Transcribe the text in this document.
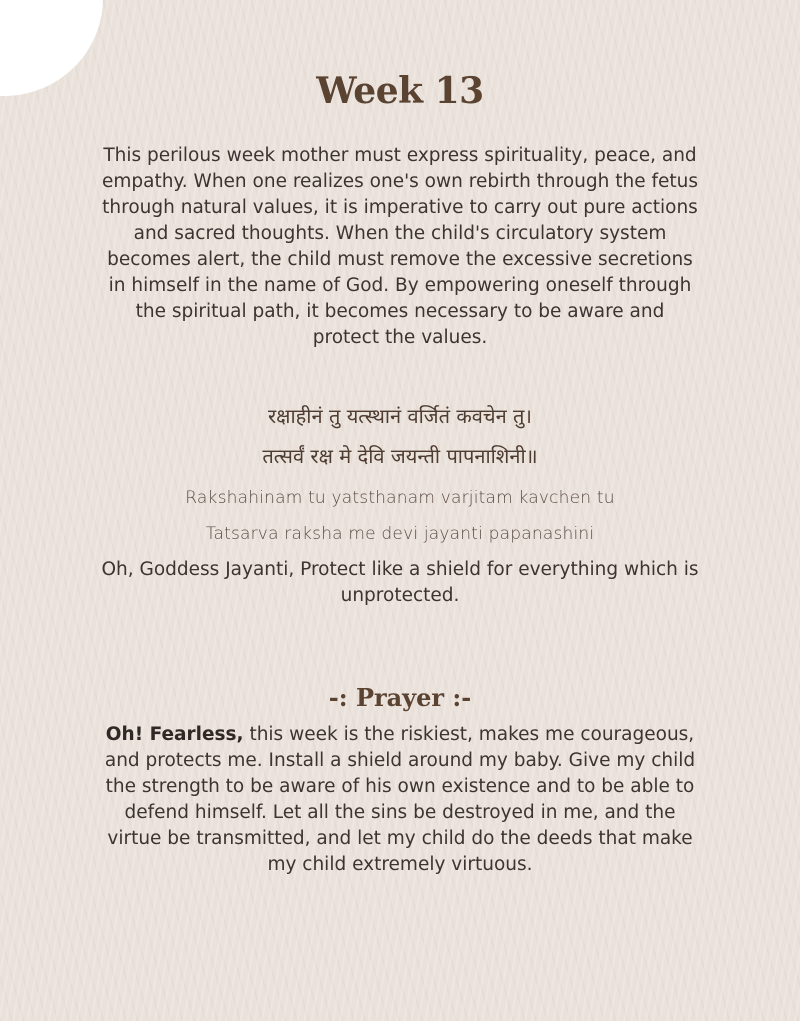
Week 13
This perilous week mother must express spirituality, peace, and empathy. When one realizes one's own rebirth through the fetus through natural values, it is imperative to carry out pure actions and sacred thoughts. When the child's circulatory system becomes alert, the child must remove the excessive secretions in himself in the name of God. By empowering oneself through the spiritual path, it becomes necessary to be aware and protect the values.
रक्षाहीनं तु यत्स्थानं वर्जितं कवचेन तु।
तत्सर्वं रक्ष मे देवि जयन्ती पापनाशिनी॥
Rakshahinam tu yatsthanam varjitam kavchen tu
Tatsarva raksha me devi jayanti papanashini
Oh, Goddess Jayanti, Protect like a shield for everything which is unprotected.
-: Prayer :-
Oh! Fearless, this week is the riskiest, makes me courageous, and protects me. Install a shield around my baby. Give my child the strength to be aware of his own existence and to be able to defend himself. Let all the sins be destroyed in me, and the virtue be transmitted, and let my child do the deeds that make my child extremely virtuous.
